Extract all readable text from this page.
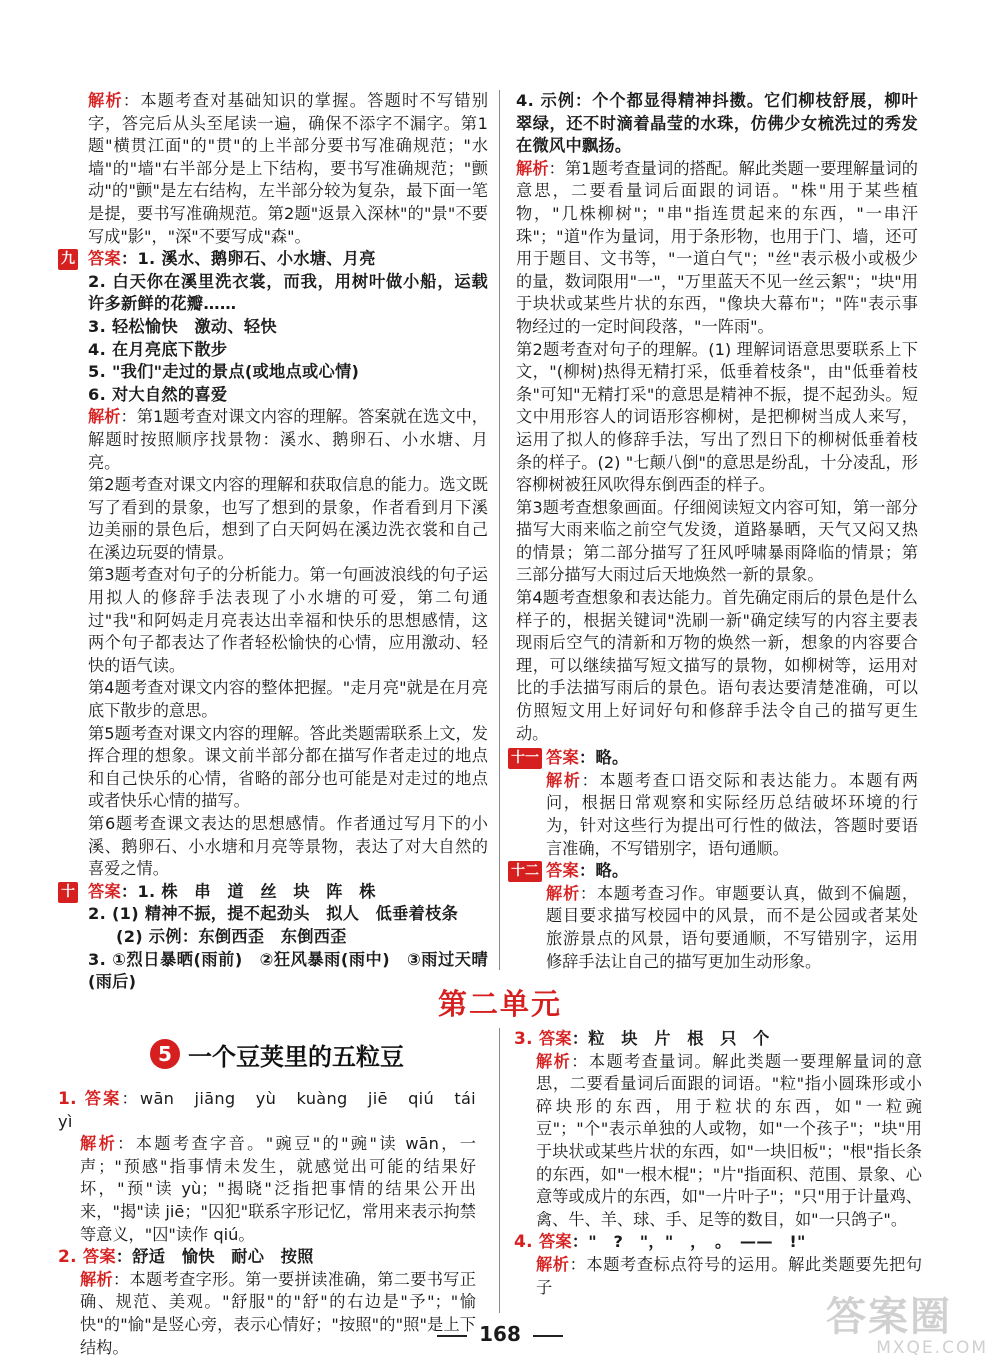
解析：本题考查对基础知识的掌握。答题时不写错别字，答完后从头至尾读一遍，确保不添字不漏字。第1题"横贯江面"的"贯"的上半部分要书写准确规范；"水墙"的"墙"右半部分是上下结构，要书写准确规范；"颤动"的"颤"是左右结构，左半部分较为复杂，最下面一笔是提，要书写准确规范。第2题"返景入深林"的"景"不要写成"影"，"深"不要写成"森"。

九 答案：1. 溪水、鹅卵石、小水塘、月亮

2. 白天你在溪里洗衣裳，而我，用树叶做小船，运载许多新鲜的花瓣……

3. 轻松愉快　激动、轻快

4. 在月亮底下散步

5. "我们"走过的景点(或地点或心情)

6. 对大自然的喜爱

解析：第1题考查对课文内容的理解。答案就在选文中，解题时按照顺序找景物：溪水、鹅卵石、小水塘、月亮。

第2题考查对课文内容的理解和获取信息的能力。选文既写了看到的景象，也写了想到的景象，作者看到月下溪边美丽的景色后，想到了白天阿妈在溪边洗衣裳和自己在溪边玩耍的情景。

第3题考查对句子的分析能力。第一句画波浪线的句子运用拟人的修辞手法表现了小水塘的可爱，第二句通过"我"和阿妈走月亮表达出幸福和快乐的思想感情，这两个句子都表达了作者轻松愉快的心情，应用激动、轻快的语气读。

第4题考查对课文内容的整体把握。"走月亮"就是在月亮底下散步的意思。

第5题考查对课文内容的理解。答此类题需联系上文，发挥合理的想象。课文前半部分都在描写作者走过的地点和自己快乐的心情，省略的部分也可能是对走过的地点或者快乐心情的描写。

第6题考查课文表达的思想感情。作者通过写月下的小溪、鹅卵石、小水塘和月亮等景物，表达了对大自然的喜爱之情。

十 答案：1. 株　串　道　丝　块　阵　株

2. (1) 精神不振，提不起劲头　拟人　低垂着枝条

(2) 示例：东倒西歪　东倒西歪

3. ①烈日暴晒(雨前)　②狂风暴雨(雨中)　③雨过天晴(雨后)

4. 示例：个个都显得精神抖擞。它们柳枝舒展，柳叶翠绿，还不时滴着晶莹的水珠，仿佛少女梳洗过的秀发在微风中飘扬。

解析：第1题考查量词的搭配。解此类题一要理解量词的意思，二要看量词后面跟的词语。"株"用于某些植物，"几株柳树"；"串"指连贯起来的东西，"一串汗珠"；"道"作为量词，用于条形物，也用于门、墙，还可用于题目、文书等，"一道白气"；"丝"表示极小或极少的量，数词限用"一"，"万里蓝天不见一丝云絮"；"块"用于块状或某些片状的东西，"像块大幕布"；"阵"表示事物经过的一定时间段落，"一阵雨"。

第2题考查对句子的理解。(1) 理解词语意思要联系上下文，"(柳树)热得无精打采，低垂着枝条"，由"低垂着枝条"可知"无精打采"的意思是精神不振，提不起劲头。短文中用形容人的词语形容柳树，是把柳树当成人来写，运用了拟人的修辞手法，写出了烈日下的柳树低垂着枝条的样子。(2) "七颠八倒"的意思是纷乱，十分凌乱，形容柳树被狂风吹得东倒西歪的样子。

第3题考查想象画面。仔细阅读短文内容可知，第一部分描写大雨来临之前空气发烫，道路暴晒，天气又闷又热的情景；第二部分描写了狂风呼啸暴雨降临的情景；第三部分描写大雨过后天地焕然一新的景象。

第4题考查想象和表达能力。首先确定雨后的景色是什么样子的，根据关键词"洗刷一新"确定续写的内容主要表现雨后空气的清新和万物的焕然一新，想象的内容要合理，可以继续描写短文描写的景物，如柳树等，运用对比的手法描写雨后的景色。语句表达要清楚准确，可以仿照短文用上好词好句和修辞手法令自己的描写更生动。

十一 答案：略。

解析：本题考查口语交际和表达能力。本题有两问，根据日常观察和实际经历总结破坏环境的行为，针对这些行为提出可行性的做法，答题时要语言准确，不写错别字，语句通顺。

十二 答案：略。

解析：本题考查习作。审题要认真，做到不偏题，题目要求描写校园中的风景，而不是公园或者某处旅游景点的风景，语句要通顺，不写错别字，运用修辞手法让自己的描写更加生动形象。

第二单元
5 一个豆荚里的五粒豆

1. 答案：wān　jiāng　yù　kuàng　jiē　qiú　tái　yì

解析：本题考查字音。"豌豆"的"豌"读 wān，一声；"预感"指事情未发生，就感觉出可能的结果好坏，"预"读 yù；"揭晓"泛指把事情的结果公开出来，"揭"读 jiē；"囚犯"联系字形记忆，常用来表示拘禁等意义，"囚"读作 qiú。

2. 答案：舒适　愉快　耐心　按照

解析：本题考查字形。第一要拼读准确，第二要书写正确、规范、美观。"舒服"的"舒"的右边是"予"；"愉快"的"愉"是竖心旁，表示心情好；"按照"的"照"是上下结构。

3. 答案：粒　块　片　根　只　个

解析：本题考查量词。解此类题一要理解量词的意思，二要看量词后面跟的词语。"粒"指小圆珠形或小碎块形的东西，用于粒状的东西，如"一粒豌豆"；"个"表示单独的人或物，如"一个孩子"；"块"用于块状或某些片状的东西，如"一块旧板"；"根"指长条的东西，如"一根木棍"；"片"指面积、范围、景象、心意等或成片的东西，如"一片叶子"；"只"用于计量鸡、禽、牛、羊、球、手、足等的数目，如"一只鸽子"。

4. 答案："　?　"，"　，　。　——　!"

解析：本题考查标点符号的运用。解此类题要先把句子

168	答案圈
MXQE.COM
